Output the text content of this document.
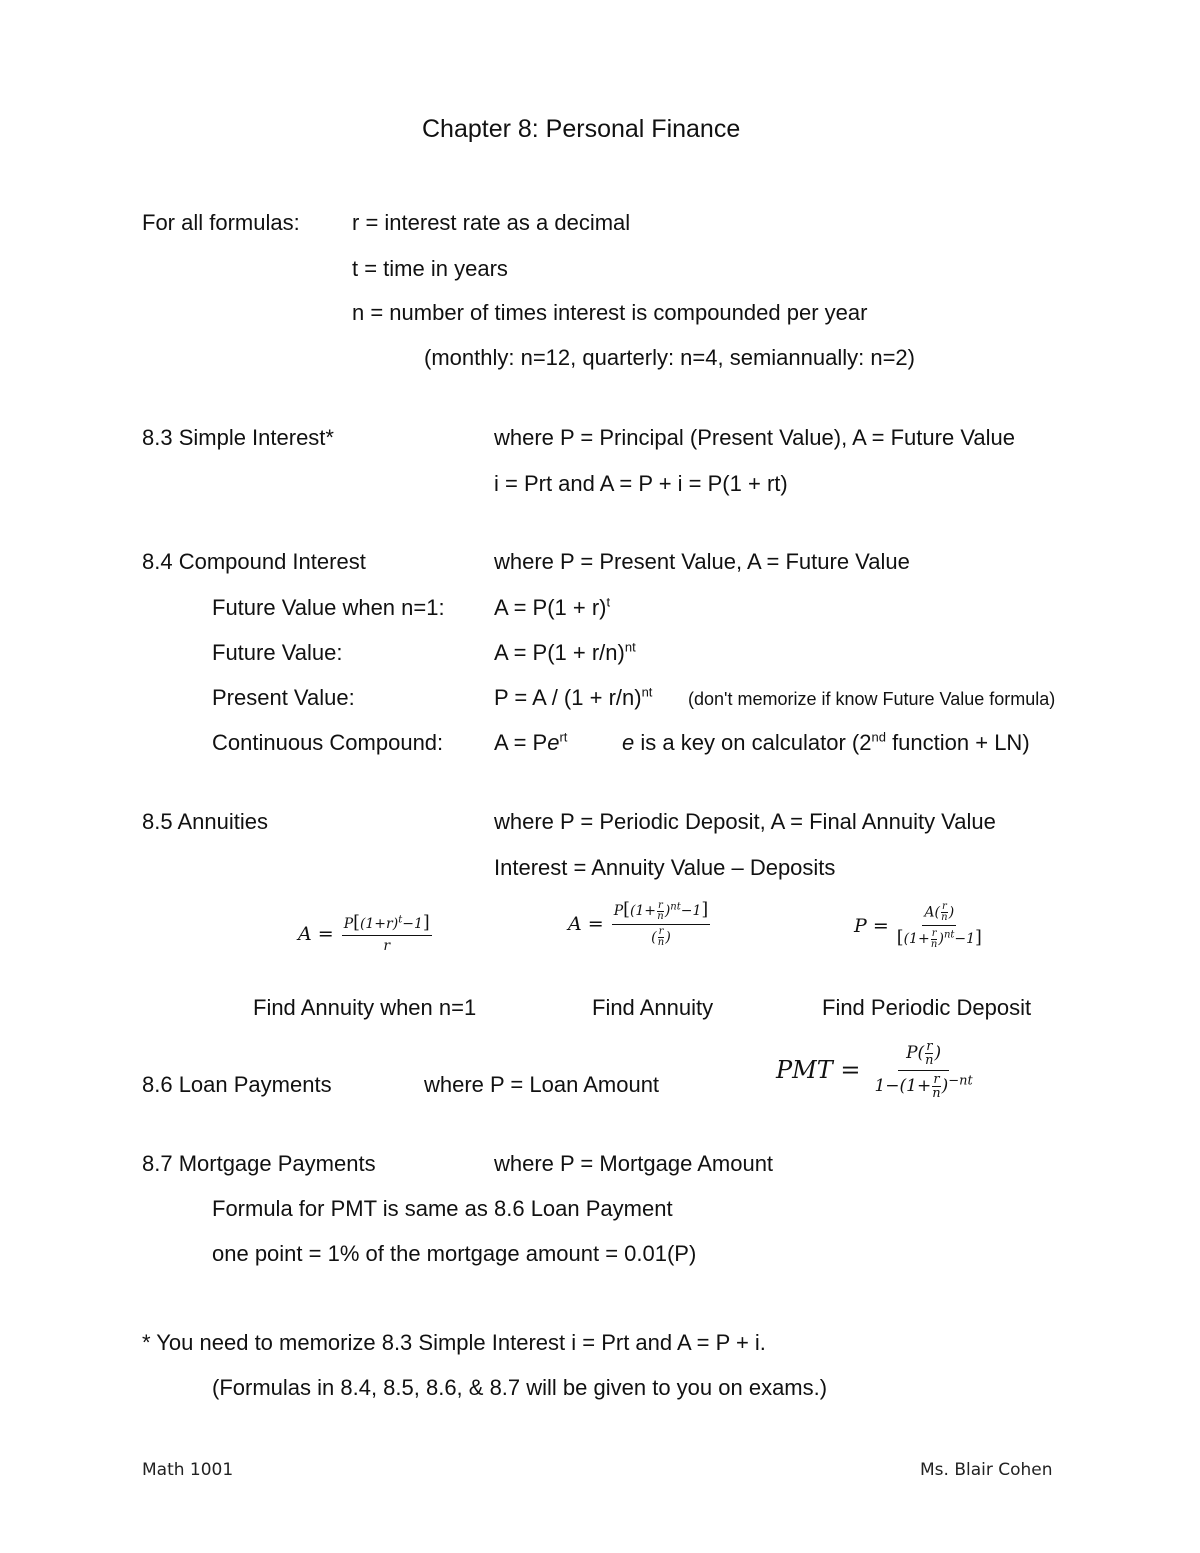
Chapter 8: Personal Finance
For all formulas: r = interest rate as a decimal
t = time in years
n = number of times interest is compounded per year
(monthly: n=12, quarterly: n=4, semiannually: n=2)
8.3 Simple Interest*	where P = Principal (Present Value), A = Future Value
i = Prt and A = P + i = P(1 + rt)
8.4 Compound Interest	where P = Present Value, A = Future Value
Future Value when n=1: $A = P(1 + r)^t$
Future Value:	$A = P(1 + r/n)^{nt}$
Present Value:	$P = A / (1 + r/n)^{nt}$ (don't memorize if know Future Value formula)
Continuous Compound: $A = Pe^{rt}$ e is a key on calculator (2nd function + LN)
8.5 Annuities	where P = Periodic Deposit, A = Final Annuity Value
Interest = Annuity Value – Deposits
$A = \frac{P[(1+r)^t-1]}{r}$	$A = \frac{P[(1+ \frac{r}{n} )^{nt}-1]}{( \frac{r}{n} )}$	$P = \frac{A( \frac{r}{n} )}{[(1+ \frac{r}{n} )^{nt}-1]}$
Find Annuity when n=1	Find Annuity	Find Periodic Deposit
8.6 Loan Payments	where P = Loan Amount
PMT = $\frac{P( \frac{r}{n} )}{1-(1+ \frac{r}{n} )^{-nt}}$
8.7 Mortgage Payments	where P = Mortgage Amount
Formula for PMT is same as 8.6 Loan Payment
one point = 1% of the mortgage amount = 0.01(P)
* You need to memorize 8.3 Simple Interest i = Prt and A = P + i.
(Formulas in 8.4, 8.5, 8.6, & 8.7 will be given to you on exams.)
Math 1001	Ms. Blair Cohen
